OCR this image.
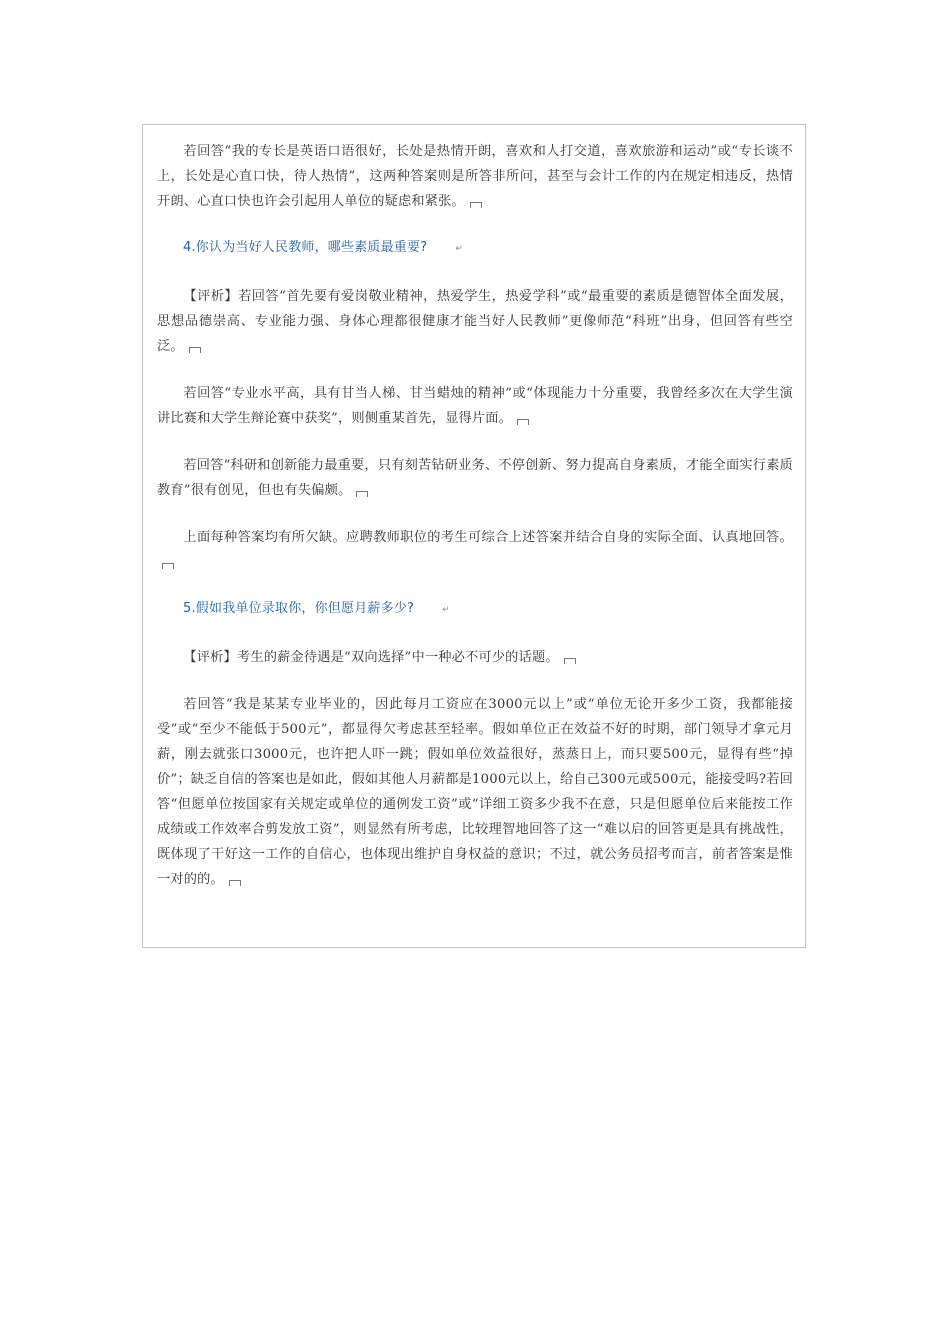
若回答“我的专长是英语口语很好，长处是热情开朗，喜欢和人打交道，喜欢旅游和运动”或“专长谈不上，长处是心直口快，待人热情”，这两种答案则是所答非所问，甚至与会计工作的内在规定相违反，热情开朗、心直口快也许会引起用人单位的疑虑和紧张。

4.你认为当好人民教师，哪些素质最重要?	↵

【评析】若回答“首先要有爱岗敬业精神，热爱学生，热爱学科”或“最重要的素质是德智体全面发展，思想品德崇高、专业能力强、身体心理都很健康才能当好人民教师”更像师范“科班”出身，但回答有些空泛。

若回答“专业水平高，具有甘当人梯、甘当蜡烛的精神”或“体现能力十分重要，我曾经多次在大学生演讲比赛和大学生辩论赛中获奖”，则侧重某首先，显得片面。

若回答“科研和创新能力最重要，只有刻苦钻研业务、不停创新、努力提高自身素质，才能全面实行素质教育”很有创见，但也有失偏颇。

上面每种答案均有所欠缺。应聘教师职位的考生可综合上述答案并结合自身的实际全面、认真地回答。

5.假如我单位录取你，你但愿月薪多少?	↵

【评析】考生的薪金待遇是“双向选择”中一种必不可少的话题。

若回答“我是某某专业毕业的，因此每月工资应在3000元以上”或“单位无论开多少工资，我都能接受”或“至少不能低于500元”，都显得欠考虑甚至轻率。假如单位正在效益不好的时期，部门领导才拿元月薪，刚去就张口3000元，也许把人吓一跳；假如单位效益很好，蒸蒸日上，而只要500元，显得有些“掉价”；缺乏自信的答案也是如此，假如其他人月薪都是1000元以上，给自己300元或500元，能接受吗?若回答“但愿单位按国家有关规定或单位的通例发工资”或“详细工资多少我不在意，只是但愿单位后来能按工作成绩或工作效率合剪发放工资”，则显然有所考虑，比较理智地回答了这一“难以启的回答更是具有挑战性，既体现了干好这一工作的自信心，也体现出维护自身权益的意识；不过，就公务员招考而言，前者答案是惟一对的的。
